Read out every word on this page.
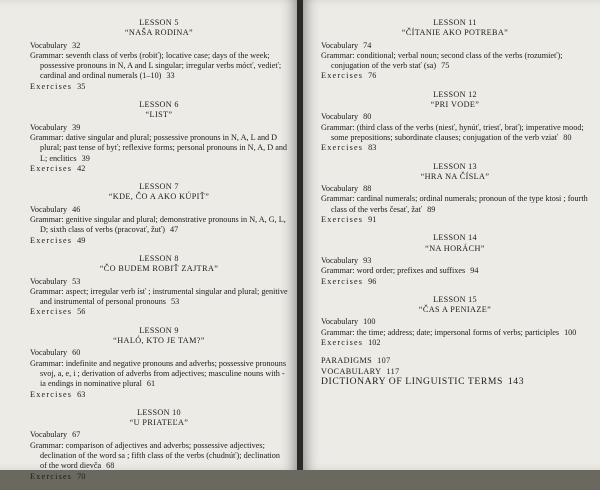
LESSON 5
“NAŠA RODINA”
Vocabulary 32
Grammar: seventh class of verbs (robiť); locative case; days of the week; possessive pronouns in N, A and L singular; irregular verbs mócť, vedieť; cardinal and ordinal numerals (1–10) 33
Exercises 35
LESSON 6
“LIST”
Vocabulary 39
Grammar: dative singular and plural; possessive pronouns in N, A, L and D plural; past tense of byť; reflexive forms; personal pronouns in N, A, D and L; enclitics 39
Exercises 42
LESSON 7
“KDE, ČO A AKO KÚPIŤ”
Vocabulary 46
Grammar: genitive singular and plural; demonstrative pronouns in N, A, G, L, D; sixth class of verbs (pracovať, žuť) 47
Exercises 49
LESSON 8
“ČO BUDEM ROBIŤ ZAJTRA”
Vocabulary 53
Grammar: aspect; irregular verb ísť ; instrumental singular and plural; genitive and instrumental of personal pronouns 53
Exercises 56
LESSON 9
“HALÓ, KTO JE TAM?”
Vocabulary 60
Grammar: indefinite and negative pronouns and adverbs; possessive pronouns svoj, a, e, i ; derivation of adverbs from adjectives; masculine nouns with -ia endings in nominative plural 61
Exercises 63
LESSON 10
“U PRIATEĽA”
Vocabulary 67
Grammar: comparison of adjectives and adverbs; possessive adjectives; declination of the word sa ; fifth class of the verbs (chudnúť); declination of the word dievča 68
Exercises 70
LESSON 11
“ČÍTANIE AKO POTREBA”
Vocabulary 74
Grammar: conditional; verbal noun; second class of the verbs (rozumieť); conjugation of the verb stať (sa) 75
Exercises 76
LESSON 12
“PRI VODE”
Vocabulary 80
Grammar: (third class of the verbs (niesť, hynúť, triesť, brať); imperative mood; some prepositions; subordinate clauses; conjugation of the verb vziať 80
Exercises 83
LESSON 13
“HRA NA ČÍSLA”
Vocabulary 88
Grammar: cardinal numerals; ordinal numerals; pronoun of the type ktosi ; fourth class of the verbs česať, žať 89
Exercises 91
LESSON 14
“NA HORÁCH”
Vocabulary 93
Grammar: word order; prefixes and suffixes 94
Exercises 96
LESSON 15
“ČAS A PENIAZE”
Vocabulary 100
Grammar: the time; address; date; impersonal forms of verbs; participles 100
Exercises 102
PARADIGMS 107
VOCABULARY 117
DICTIONARY OF LINGUISTIC TERMS 143
